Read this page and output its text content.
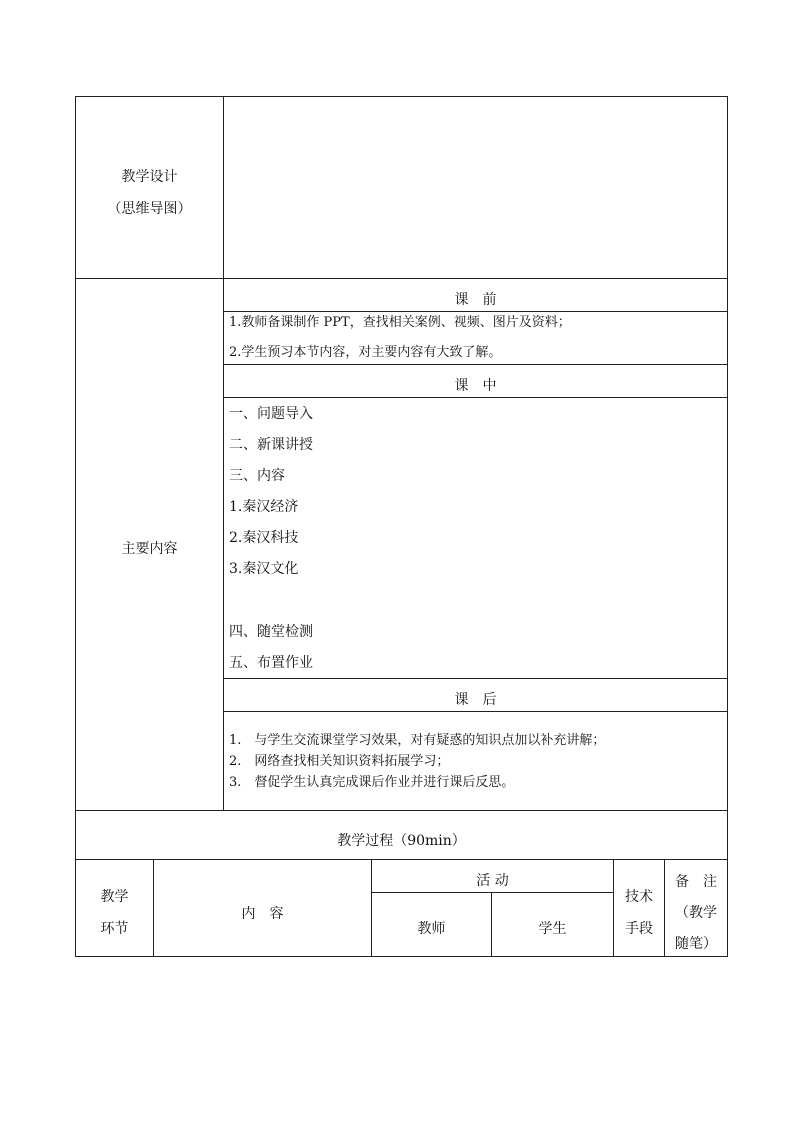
教学设计
（思维导图）
主要内容
课　前
1.教师备课制作 PPT，查找相关案例、视频、图片及资料；
2.学生预习本节内容，对主要内容有大致了解。
课　中
一、问题导入
二、新课讲授
三、内容
1.秦汉经济
2.秦汉科技
3.秦汉文化
四、随堂检测
五、布置作业
课　后
1.　与学生交流课堂学习效果，对有疑惑的知识点加以补充讲解；
2.　网络查找相关知识资料拓展学习；
3.　督促学生认真完成课后作业并进行课后反思。
教学过程（90min）
教学
环节
内　容
活 动
教师	学生
技术
手段
备　注
（教学
随笔）
